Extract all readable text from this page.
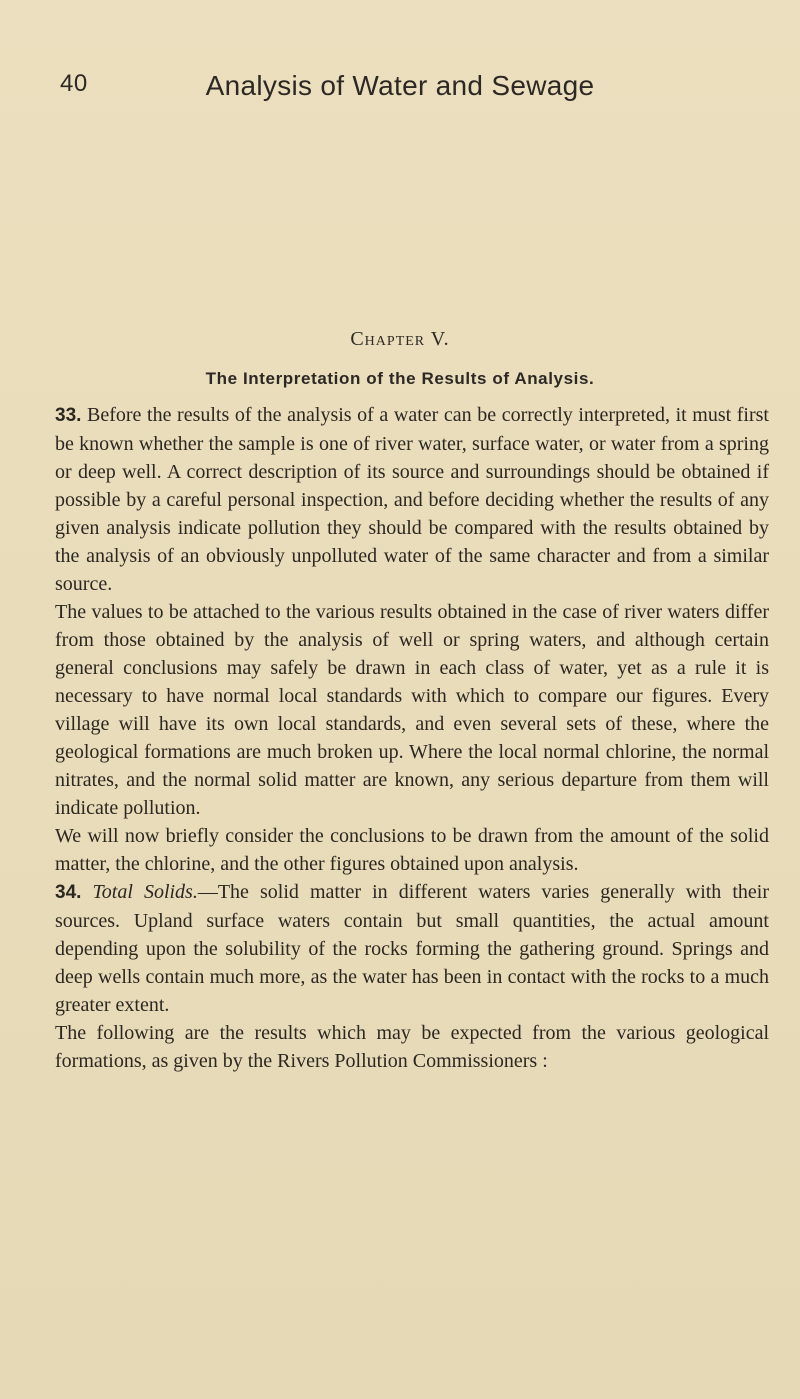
40	Analysis of Water and Sewage
Chapter V.
The Interpretation of the Results of Analysis.

33. Before the results of the analysis of a water can be correctly interpreted, it must first be known whether the sample is one of river water, surface water, or water from a spring or deep well. A correct description of its source and surroundings should be obtained if possible by a careful personal inspection, and before deciding whether the results of any given analysis indicate pollution they should be compared with the results obtained by the analysis of an obviously unpolluted water of the same character and from a similar source.

The values to be attached to the various results obtained in the case of river waters differ from those obtained by the analysis of well or spring waters, and although certain general conclusions may safely be drawn in each class of water, yet as a rule it is necessary to have normal local standards with which to compare our figures. Every village will have its own local standards, and even several sets of these, where the geological formations are much broken up. Where the local normal chlorine, the normal nitrates, and the normal solid matter are known, any serious departure from them will indicate pollution.

We will now briefly consider the conclusions to be drawn from the amount of the solid matter, the chlorine, and the other figures obtained upon analysis.

34. Total Solids.—The solid matter in different waters varies generally with their sources. Upland surface waters contain but small quantities, the actual amount depending upon the solubility of the rocks forming the gathering ground. Springs and deep wells contain much more, as the water has been in contact with the rocks to a much greater extent.

The following are the results which may be expected from the various geological formations, as given by the Rivers Pollution Commissioners :
